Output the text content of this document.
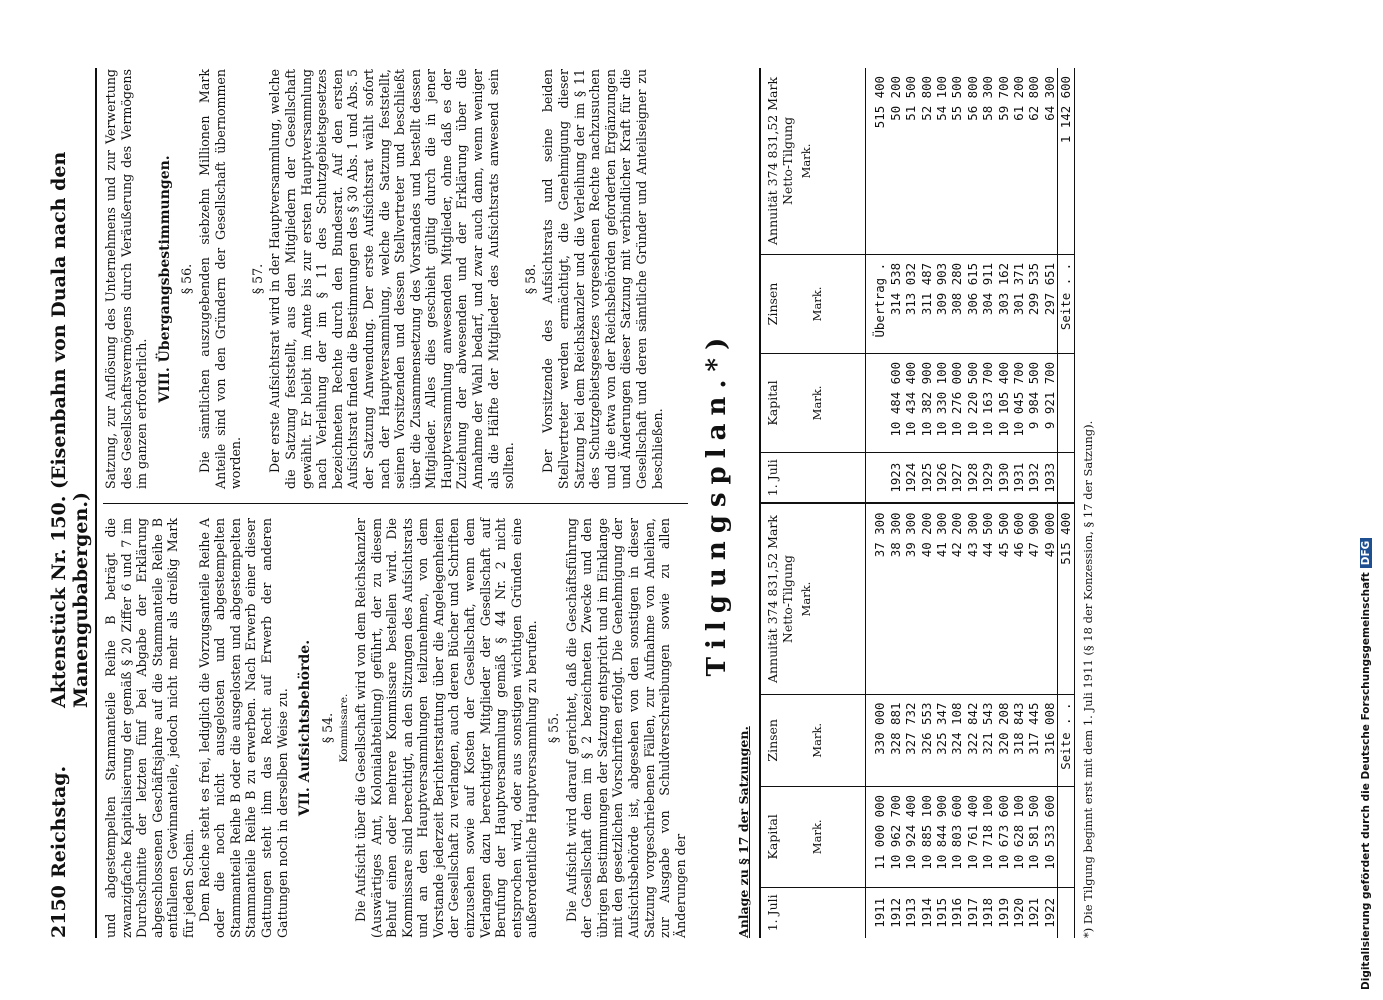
2150
Reichstag.
Aktenstück Nr. 150. (Eisenbahn von Duala nach den Manengubabergen.) und abgestempelten Stammanteile Reihe B beträgt die zwanzigfache Kapitalisierung der gemäß § 20 Ziffer 6 und 7 im Durchschnitte der letzten fünf bei Abgabe der Erklärung abgeschlossenen Geschäftsjahre auf die Stammanteile Reihe B entfallenen Gewinnanteile, jedoch nicht mehr als dreißig Mark für jeden Schein. Dem Reiche steht es frei, lediglich die Vorzugsanteile Reihe A oder die noch nicht ausgelosten und abgestempelten Stammanteile Reihe B oder die ausgelosten und abgestempelten Stammanteile Reihe B zu erwerben. Nach Erwerb einer dieser Gattungen steht ihm das Recht auf Erwerb der anderen Gattungen noch in derselben Weise zu. VII. Aufsichtsbehörde. § 54. Kommissare. Die Aufsicht über die Gesellschaft wird von dem Reichskanzler (Auswärtiges Amt, Kolonialabteilung) geführt, der zu diesem Behuf einen oder mehrere Kommissare bestellen wird. Die Kommissare sind berechtigt, an den Sitzungen des Aufsichtsrats und an den Hauptversammlungen teilzunehmen, von dem Vorstande jederzeit Berichterstattung über die Angelegenheiten der Gesellschaft zu verlangen, auch deren Bücher und Schriften einzusehen sowie auf Kosten der Gesellschaft, wenn dem Verlangen dazu berechtigter Mitglieder der Gesellschaft auf Berufung der Hauptversammlung gemäß § 44 Nr. 2 nicht entsprochen wird, oder aus sonstigen wichtigen Gründen eine außerordentliche Hauptversammlung zu berufen. § 55. Die Aufsicht wird darauf gerichtet, daß die Geschäftsführung der Gesellschaft dem im § 2 bezeichneten Zwecke und den übrigen Bestimmungen der Satzung entspricht und im Einklange mit den gesetzlichen Vorschriften erfolgt. Die Genehmigung der Aufsichtsbehörde ist, abgesehen von den sonstigen in dieser Satzung vorgeschriebenen Fällen, zur Aufnahme von Anleihen, zur Ausgabe von Schuldverschreibungen sowie zu allen Änderungen der

Satzung, zur Auflösung des Unternehmens und zur Verwertung des Gesellschaftsvermögens durch Veräußerung des Vermögens im ganzen erforderlich.

VIII. Übergangsbestimmungen. § 56. Die sämtlichen auszugebenden siebzehn Millionen Mark Anteile sind von den Gründern der Gesellschaft übernommen worden.

§ 57. Der erste Aufsichtsrat wird in der Hauptversammlung, welche die Satzung feststellt, aus den Mitgliedern der Gesellschaft gewählt. Er bleibt im Amte bis zur ersten Hauptversammlung nach Verleihung der im § 11 des Schutzgebietsgesetzes bezeichneten Rechte durch den Bundesrat. Auf den ersten Aufsichtsrat finden die Bestimmungen des § 30 Abs. 1 und Abs. 5 der Satzung Anwendung. Der erste Aufsichtsrat wählt sofort nach der Hauptversammlung, welche die Satzung feststellt, seinen Vorsitzenden und dessen Stellvertreter und beschließt über die Zusammensetzung des Vorstandes und bestellt dessen Mitglieder. Alles dies geschieht gültig durch die in jener Hauptversammlung anwesenden Mitglieder, ohne daß es der Zuziehung der abwesenden und der Erklärung über die Annahme der Wahl bedarf, und zwar auch dann, wenn weniger als die Hälfte der Mitglieder des Aufsichtsrats anwesend sein sollten.

§ 58. Der Vorsitzende des Aufsichtsrats und seine beiden Stellvertreter werden ermächtigt, die Genehmigung dieser Satzung bei dem Reichskanzler und die Verleihung der im § 11 des Schutzgebietsgesetzes vorgesehenen Rechte nachzusuchen und die etwa von der Reichsbehörden geforderten Ergänzungen und Änderungen dieser Satzung mit verbindlicher Kraft für die Gesellschaft und deren sämtliche Gründer und Anteilseigner zu beschließen. Tilgungsplan.*)
Anlage zu § 17 der Satzungen. 1. Juli	Kapital Mark.	Zinsen Mark.	Annuität 374 831,52 Mark
Netto-Tilgung Mark.

1911	11 000 000	330 000	37 300
1912	10 962 700	328 881	38 300
1913	10 924 400	327 732	39 300
1914	10 885 100	326 553	40 200
1915	10 844 900	325 347	41 300
1916	10 803 600	324 108	42 200
1917	10 761 400	322 842	43 300
1918	10 718 100	321 543	44 500
1919	10 673 600	320 208	45 500
1920	10 628 100	318 843	46 600
1921	10 581 500	317 445	47 900
1922	10 533 600	316 008	49 000
		Seite . .	515 400
1. Juli	Kapital Mark.	Zinsen Mark.	Annuität 374 831,52 Mark
Netto-Tilgung Mark.

		Übertrag .	515 400
1923	10 484 600	314 538	50 200
1924	10 434 400	313 032	51 500
1925	10 382 900	311 487	52 800
1926	10 330 100	309 903	54 100
1927	10 276 000	308 280	55 500
1928	10 220 500	306 615	56 800
1929	10 163 700	304 911	58 300
1930	10 105 400	303 162	59 700
1931	10 045 700	301 371	61 200
1932	9 984 500	299 535	62 800
1933	9 921 700	297 651	64 300
		Seite . .	1 142 600
*) Die Tilgung beginnt erst mit dem 1. Juli 1911 (§ 18 der Konzession, § 17 der Satzung).	Digitalisierung gefördert durch die Deutsche ForschungsgemeinschaftDFG
